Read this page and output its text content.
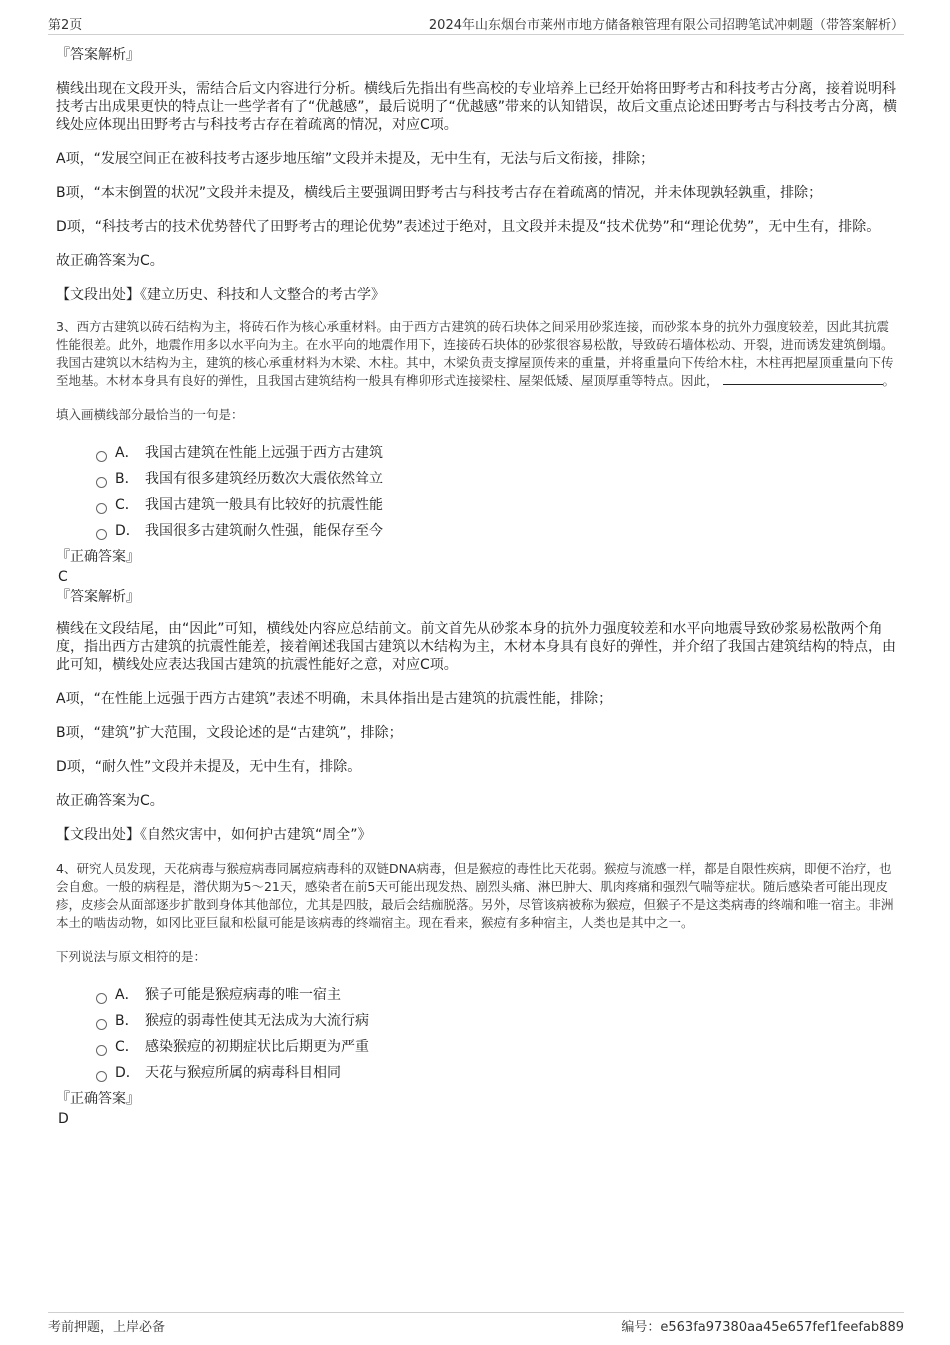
第2页	2024年山东烟台市莱州市地方储备粮管理有限公司招聘笔试冲刺题（带答案解析）

『答案解析』

横线出现在文段开头，需结合后文内容进行分析。横线后先指出有些高校的专业培养上已经开始将田野考古和科技考古分离，接着说明科技考古出成果更快的特点让一些学者有了“优越感”，最后说明了“优越感”带来的认知错误，故后文重点论述田野考古与科技考古分离，横线处应体现出田野考古与科技考古存在着疏离的情况，对应C项。

A项，“发展空间正在被科技考古逐步地压缩”文段并未提及，无中生有，无法与后文衔接，排除；

B项，“本末倒置的状况”文段并未提及，横线后主要强调田野考古与科技考古存在着疏离的情况，并未体现孰轻孰重，排除；

D项，“科技考古的技术优势替代了田野考古的理论优势”表述过于绝对，且文段并未提及“技术优势”和“理论优势”，无中生有，排除。

故正确答案为C。

【文段出处】《建立历史、科技和人文整合的考古学》

3、西方古建筑以砖石结构为主，将砖石作为核心承重材料。由于西方古建筑的砖石块体之间采用砂浆连接，而砂浆本身的抗外力强度较差，因此其抗震性能很差。此外，地震作用多以水平向为主。在水平向的地震作用下，连接砖石块体的砂浆很容易松散，导致砖石墙体松动、开裂，进而诱发建筑倒塌。我国古建筑以木结构为主，建筑的核心承重材料为木梁、木柱。其中，木梁负责支撑屋顶传来的重量，并将重量向下传给木柱，木柱再把屋顶重量向下传至地基。木材本身具有良好的弹性，且我国古建筑结构一般具有榫卯形式连接梁柱、屋架低矮、屋顶厚重等特点。因此，	。

填入画横线部分最恰当的一句是：

A． 我国古建筑在性能上远强于西方古建筑
B． 我国有很多建筑经历数次大震依然耸立
C． 我国古建筑一般具有比较好的抗震性能
D． 我国很多古建筑耐久性强，能保存至今

『正确答案』

C

『答案解析』

横线在文段结尾，由“因此”可知，横线处内容应总结前文。前文首先从砂浆本身的抗外力强度较差和水平向地震导致砂浆易松散两个角度，指出西方古建筑的抗震性能差，接着阐述我国古建筑以木结构为主，木材本身具有良好的弹性，并介绍了我国古建筑结构的特点，由此可知，横线处应表达我国古建筑的抗震性能好之意，对应C项。

A项，“在性能上远强于西方古建筑”表述不明确，未具体指出是古建筑的抗震性能，排除；

B项，“建筑”扩大范围，文段论述的是“古建筑”，排除；

D项，“耐久性”文段并未提及，无中生有，排除。

故正确答案为C。

【文段出处】《自然灾害中，如何护古建筑“周全”》

4、研究人员发现，天花病毒与猴痘病毒同属痘病毒科的双链DNA病毒，但是猴痘的毒性比天花弱。猴痘与流感一样，都是自限性疾病，即便不治疗，也会自愈。一般的病程是，潜伏期为5～21天，感染者在前5天可能出现发热、剧烈头痛、淋巴肿大、肌肉疼痛和强烈气喘等症状。随后感染者可能出现皮疹，皮疹会从面部逐步扩散到身体其他部位，尤其是四肢，最后会结痂脱落。另外，尽管该病被称为猴痘，但猴子不是这类病毒的终端和唯一宿主。非洲本土的啮齿动物，如冈比亚巨鼠和松鼠可能是该病毒的终端宿主。现在看来，猴痘有多种宿主，人类也是其中之一。

下列说法与原文相符的是：

A． 猴子可能是猴痘病毒的唯一宿主
B． 猴痘的弱毒性使其无法成为大流行病
C． 感染猴痘的初期症状比后期更为严重
D． 天花与猴痘所属的病毒科目相同

『正确答案』

D

考前押题，上岸必备	编号：e563fa97380aa45e657fef1feefab889
